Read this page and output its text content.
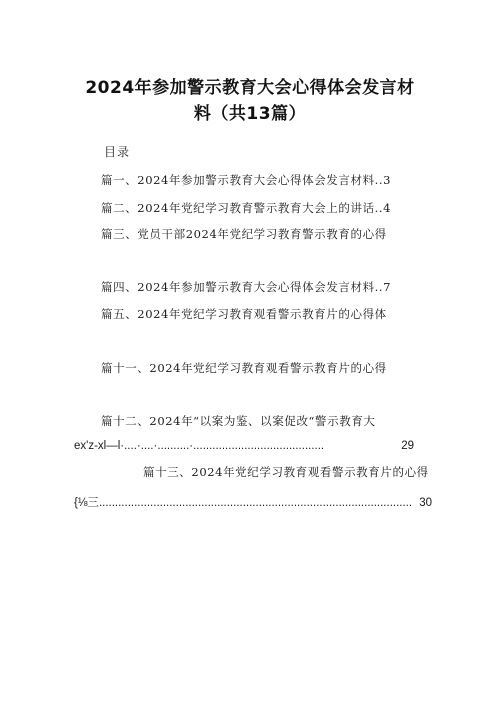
2024年参加警示教育大会心得体会发言材
料（共13篇）
目录
篇一、2024年参加警示教育大会心得体会发言材料..3
篇二、2024年党纪学习教育警示教育大会上的讲话..4
篇三、党员干部2024年党纪学习教育警示教育的心得
篇四、2024年参加警示教育大会心得体会发言材料..7
篇五、2024年党纪学习教育观看警示教育片的心得体
篇十一、2024年党纪学习教育观看警示教育片的心得
篇十二、2024年“以案为鉴、以案促改“警示教育大
ex'z-xl—l ·....·....·..........·.........................................	29
篇十三、2024年党纪学习教育观看警示教育片的心得
{⅛三 .................................................................................................. 30
